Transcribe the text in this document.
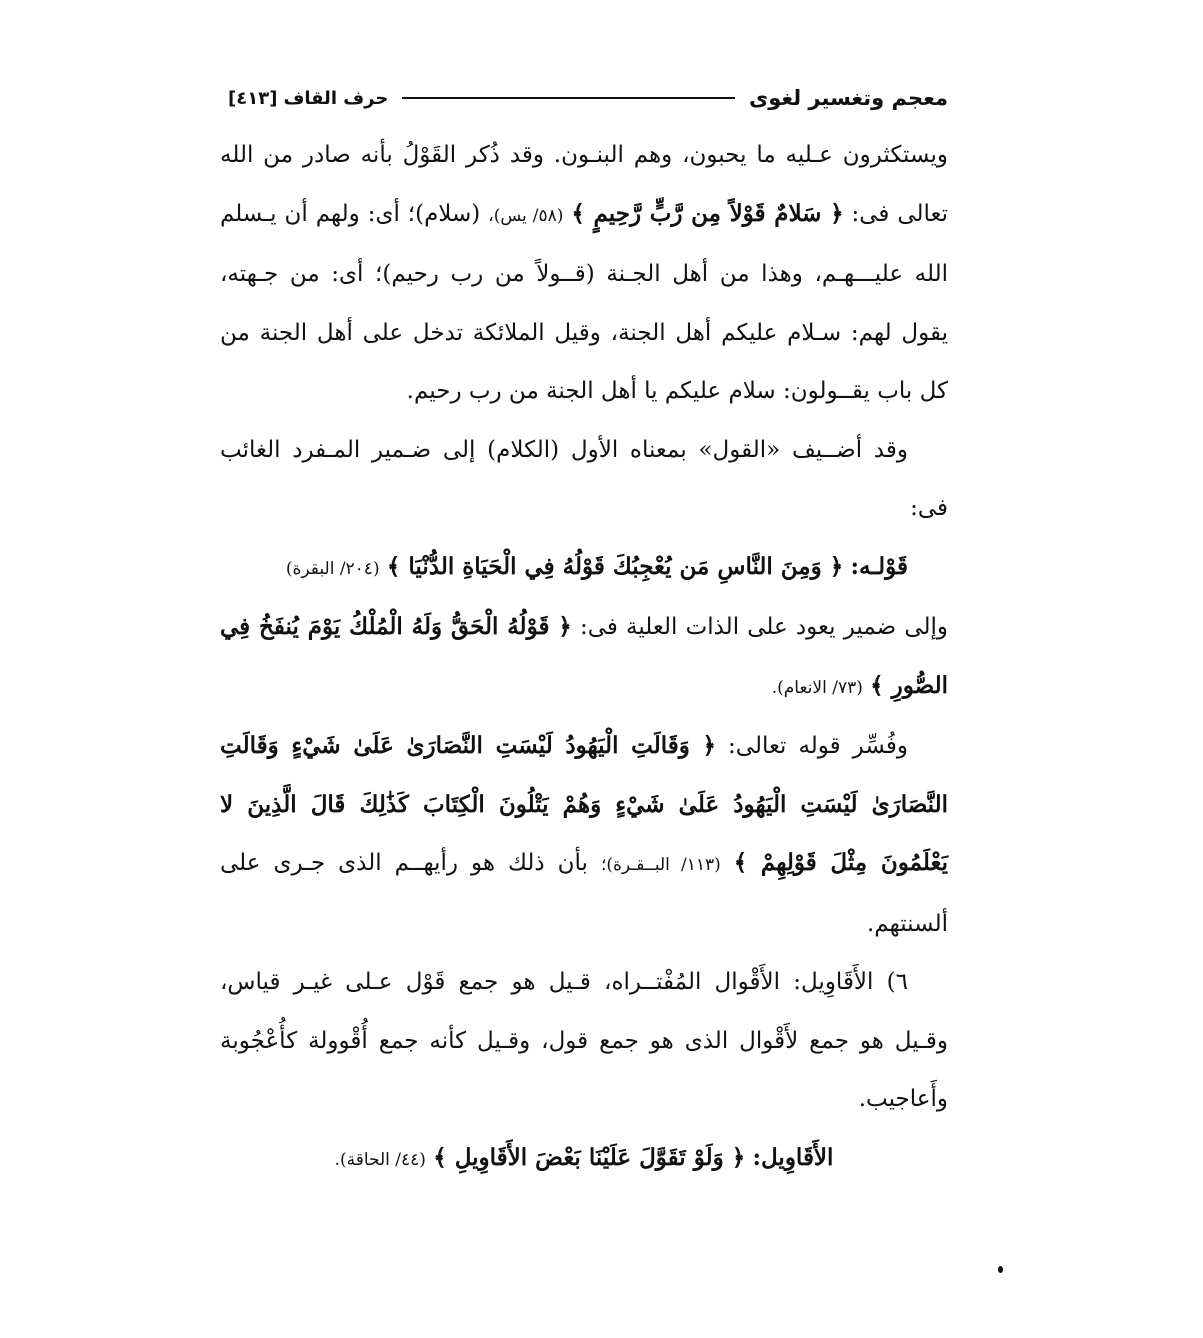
معجم وتغسير لغوى
حرف القاف
[٤١٣]

ويستكثرون عـليه ما يحبون، وهم البنـون. وقد ذُكر القَوْلُ بأنه صادر من الله تعالى فى: ﴿ سَلامٌ قَوْلاً مِن رَّبٍّ رَّحِيمٍ ﴾ (٥٨/ يس)، (سلام)؛ أى: ولهم أن يـسلم الله عليـــهـم، وهذا من أهل الجـنة (قــولاً من رب رحيم)؛ أى: من جـهته، يقول لهم: سـلام عليكم أهل الجنة، وقيل الملائكة تدخل على أهل الجنة من كل باب يقــولون: سلام عليكم يا أهل الجنة من رب رحيم.

وقد أضــيف «القول» بمعناه الأول (الكلام) إلى ضـمير المـفرد الغائب فى:

قَوْلـه: ﴿ وَمِنَ النَّاسِ مَن يُعْجِبُكَ قَوْلُهُ فِي الْحَيَاةِ الدُّنْيَا ﴾ (٢٠٤/ البقرة)

وإلى ضمير يعود على الذات العلية فى: ﴿ قَوْلُهُ الْحَقُّ وَلَهُ الْمُلْكُ يَوْمَ يُنفَخُ فِي الصُّورِ ﴾ (٧٣/ الانعام).

وفُسِّر قوله تعالى: ﴿ وَقَالَتِ الْيَهُودُ لَيْسَتِ النَّصَارَىٰ عَلَىٰ شَيْءٍ وَقَالَتِ النَّصَارَىٰ لَيْسَتِ الْيَهُودُ عَلَىٰ شَيْءٍ وَهُمْ يَتْلُونَ الْكِتَابَ كَذَٰلِكَ قَالَ الَّذِينَ لا يَعْلَمُونَ مِثْلَ قَوْلِهِمْ ﴾ (١١٣/ البــقـرة)؛ بأن ذلك هو رأيهــم الذى جـرى على ألسنتهم.

٦) الأَقَاوِيل: الأَقْوال المُفْتــراه، قـيل هو جمع قَوْل عـلى غيـر قياس، وقـيل هو جمع لأَقْوال الذى هو جمع قول، وقـيل كأنه جمع أُقْوولة كأُعْجُوبة وأَعاجيب.

الأَقَاوِيل: ﴿ وَلَوْ تَقَوَّلَ عَلَيْنَا بَعْضَ الأَقَاوِيلِ ﴾ (٤٤/ الحاقة).
